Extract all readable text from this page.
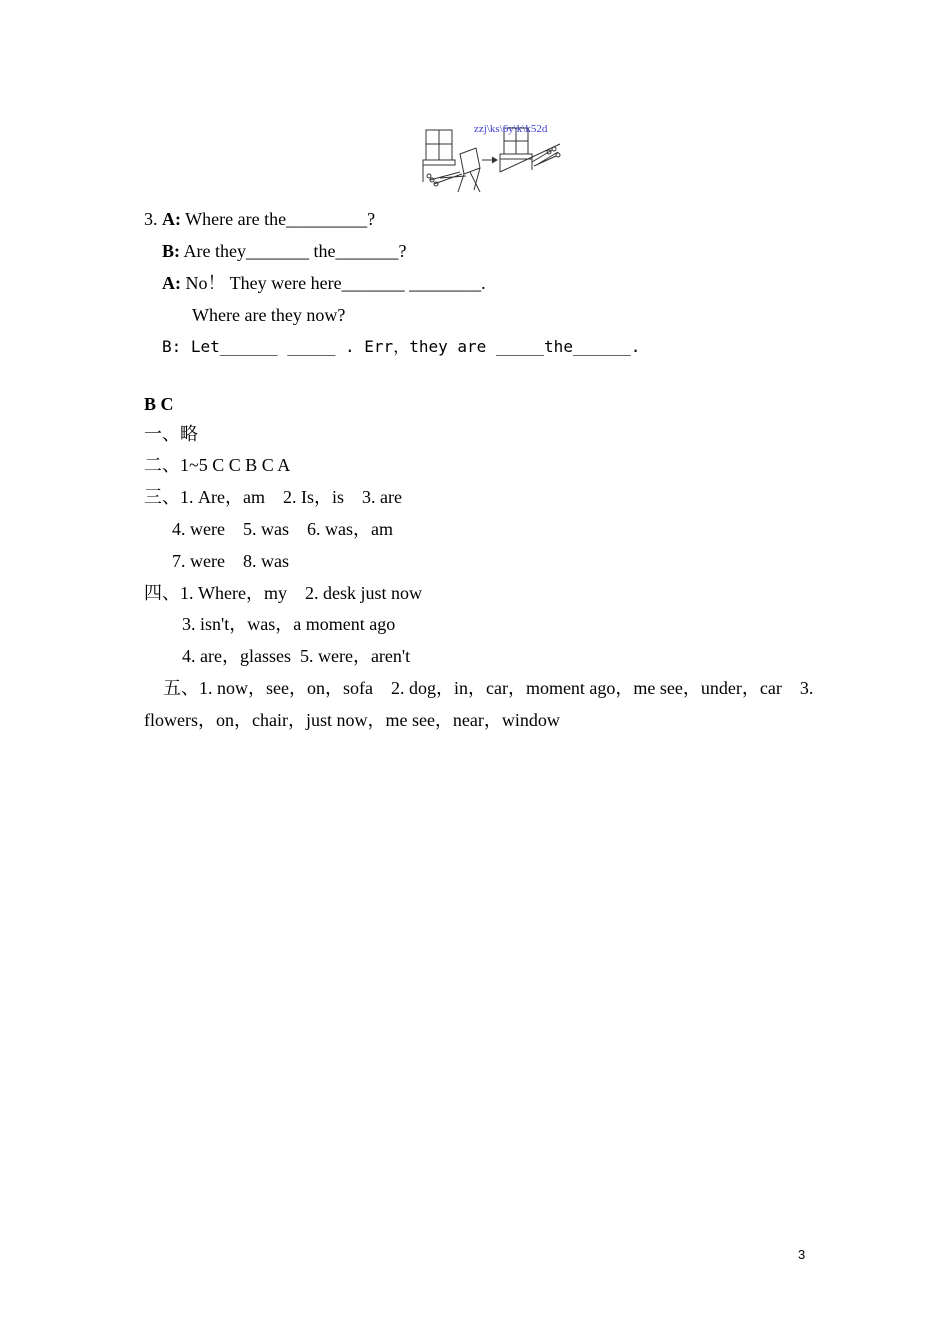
zzj\ks\6y\k\k52d
3. A: Where are the_________?
B: Are they_______ the_______?
A: No！ They were here_______ ________.
Where are they now?
B: Let______ _____ . Err，they are _____the______.
B C
一、略
二、1~5 C C B C A
三、1. Are，am    2. Is，is    3. are
4. were    5. was    6. was，am
7. were    8. was
四、1. Where，my    2. desk just now
3. isn't，was，a moment ago
4. are，glasses  5. were，aren't
五、1. now，see，on，sofa    2. dog，in，car，moment ago，me see，under，car    3.
flowers，on，chair，just now，me see，near，window
3
